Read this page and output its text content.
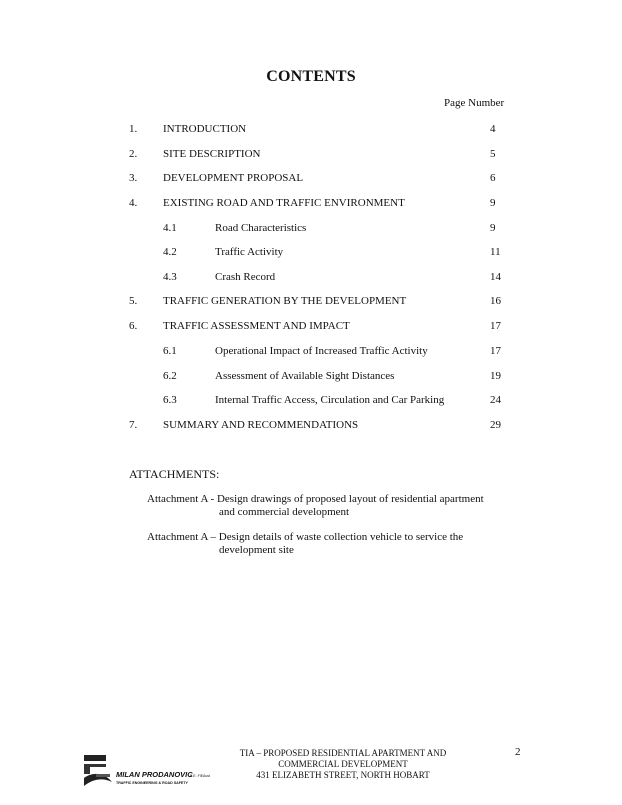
CONTENTS
Page Number
1. INTRODUCTION	4
2. SITE DESCRIPTION	5
3. DEVELOPMENT PROPOSAL	6
4. EXISTING ROAD AND TRAFFIC ENVIRONMENT	9
4.1	Road Characteristics	9
4.2	Traffic Activity	11
4.3	Crash Record	14
5. TRAFFIC GENERATION BY THE DEVELOPMENT	16
6. TRAFFIC ASSESSMENT AND IMPACT	17
6.1	Operational Impact of Increased Traffic Activity	17
6.2	Assessment of Available Sight Distances	19
6.3	Internal Traffic Access, Circulation and Car Parking	24
7. SUMMARY AND RECOMMENDATIONS	29
ATTACHMENTS:
Attachment A - Design drawings of proposed layout of residential apartment
and commercial development
Attachment A – Design details of waste collection vehicle to service the
development site
MILAN PRODANOVIC
B.E. FIEAust
TRAFFIC ENGINEERING & ROAD SAFETY
TIA – PROPOSED RESIDENTIAL APARTMENT AND
COMMERCIAL DEVELOPMENT
431 ELIZABETH STREET, NORTH HOBART
2
